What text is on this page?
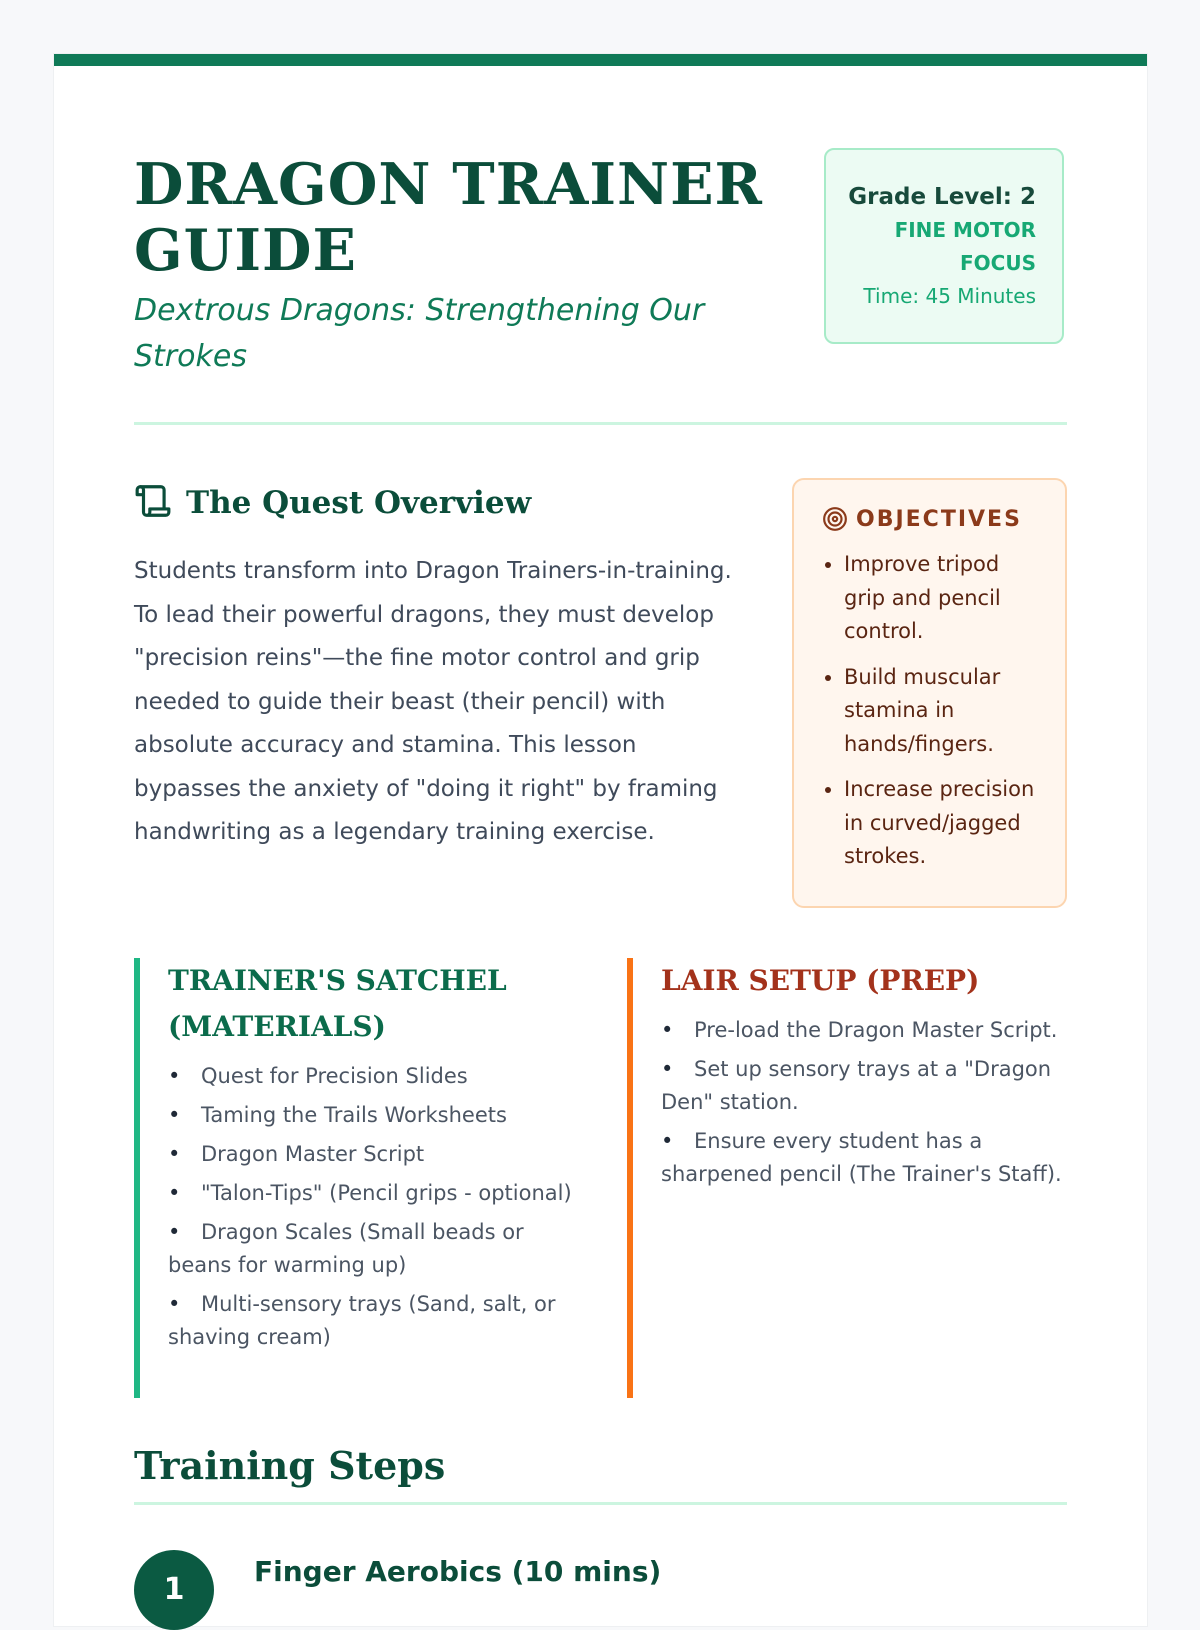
DRAGON TRAINER GUIDE

Dextrous Dragons: Strengthening Our Strokes

Grade Level: 2
FINE MOTOR FOCUS
Time: 45 Minutes
The Quest Overview

Students transform into Dragon Trainers-in-training. To lead their powerful dragons, they must develop "precision reins"—the fine motor control and grip needed to guide their beast (their pencil) with absolute accuracy and stamina. This lesson bypasses the anxiety of "doing it right" by framing handwriting as a legendary training exercise.

OBJECTIVES
• Improve tripod grip and pencil control.
• Build muscular stamina in hands/fingers.
• Increase precision in curved/jagged strokes.
TRAINER'S SATCHEL (MATERIALS)
• Quest for Precision Slides
• Taming the Trails Worksheets
• Dragon Master Script
• "Talon-Tips" (Pencil grips - optional)
• Dragon Scales (Small beads or beans for warming up)
• Multi-sensory trays (Sand, salt, or shaving cream)
LAIR SETUP (PREP)
• Pre-load the Dragon Master Script.
• Set up sensory trays at a "Dragon Den" station.
• Ensure every student has a sharpened pencil (The Trainer's Staff).
Training Steps
1
Finger Aerobics (10 mins)
